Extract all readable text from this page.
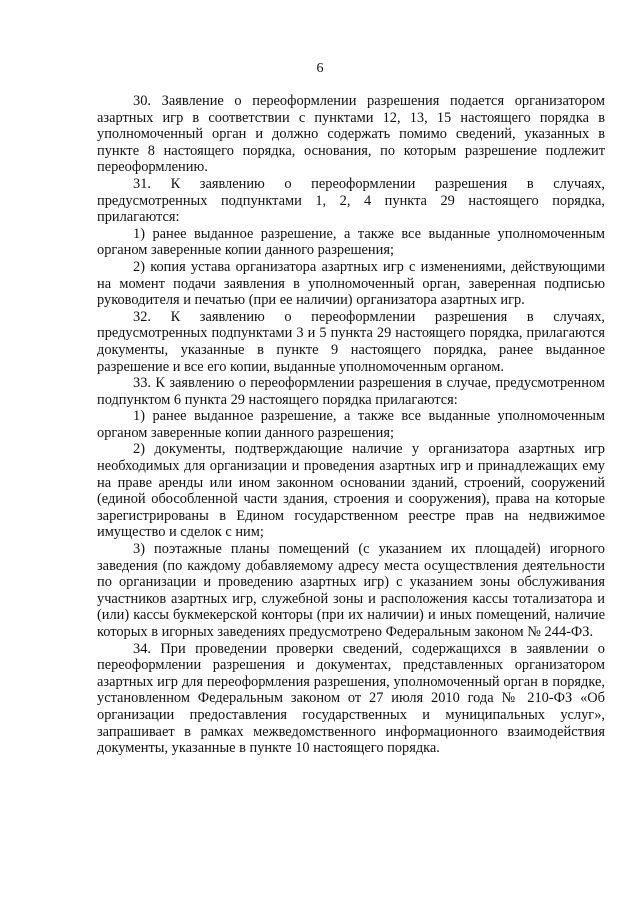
6

30. Заявление о переоформлении разрешения подается организатором азартных игр в соответствии с пунктами 12, 13, 15 настоящего порядка в уполномоченный орган и должно содержать помимо сведений, указанных в пункте 8 настоящего порядка, основания, по которым разрешение подлежит переоформлению.

31. К заявлению о переоформлении разрешения в случаях, предусмотренных подпунктами 1, 2, 4 пункта 29 настоящего порядка, прилагаются:

1) ранее выданное разрешение, а также все выданные уполномоченным органом заверенные копии данного разрешения;

2) копия устава организатора азартных игр с изменениями, действующими на момент подачи заявления в уполномоченный орган, заверенная подписью руководителя и печатью (при ее наличии) организатора азартных игр.

32. К заявлению о переоформлении разрешения в случаях, предусмотренных подпунктами 3 и 5 пункта 29 настоящего порядка, прилагаются документы, указанные в пункте 9 настоящего порядка, ранее выданное разрешение и все его копии, выданные уполномоченным органом.

33. К заявлению о переоформлении разрешения в случае, предусмотренном подпунктом 6 пункта 29 настоящего порядка прилагаются:

1) ранее выданное разрешение, а также все выданные уполномоченным органом заверенные копии данного разрешения;

2) документы, подтверждающие наличие у организатора азартных игр необходимых для организации и проведения азартных игр и принадлежащих ему на праве аренды или ином законном основании зданий, строений, сооружений (единой обособленной части здания, строения и сооружения), права на которые зарегистрированы в Едином государственном реестре прав на недвижимое имущество и сделок с ним;

3) поэтажные планы помещений (с указанием их площадей) игорного заведения (по каждому добавляемому адресу места осуществления деятельности по организации и проведению азартных игр) с указанием зоны обслуживания участников азартных игр, служебной зоны и расположения кассы тотализатора и (или) кассы букмекерской конторы (при их наличии) и иных помещений, наличие которых в игорных заведениях предусмотрено Федеральным законом № 244-ФЗ.

34. При проведении проверки сведений, содержащихся в заявлении о переоформлении разрешения и документах, представленных организатором азартных игр для переоформления разрешения, уполномоченный орган в порядке, установленном Федеральным законом от 27 июля 2010 года № 210-ФЗ «Об организации предоставления государственных и муниципальных услуг», запрашивает в рамках межведомственного информационного взаимодействия документы, указанные в пункте 10 настоящего порядка.
